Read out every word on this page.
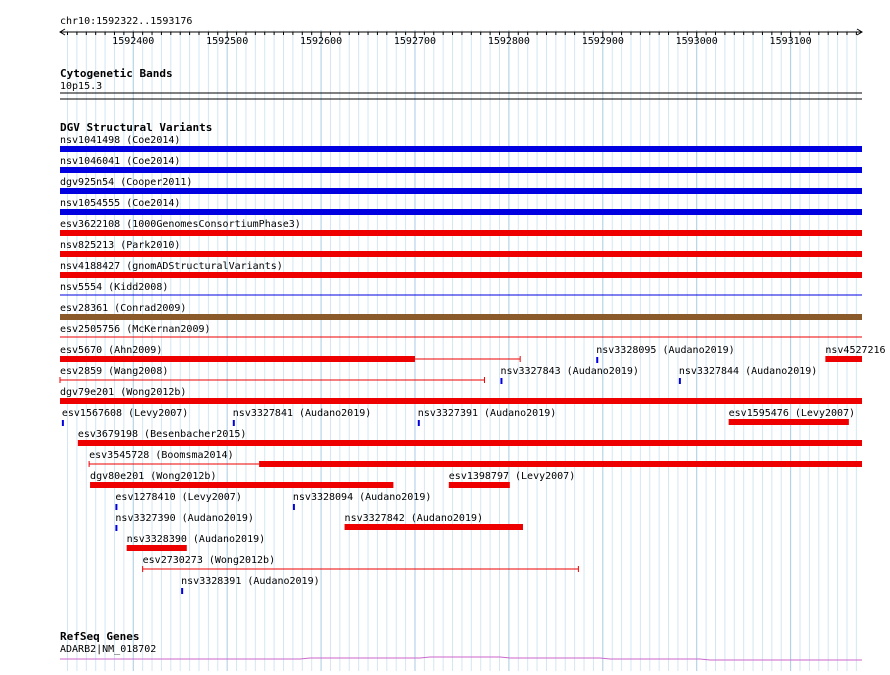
chr10:1592322..1593176
1592400	1592500	1592600	1592700	1592800	1592900	1593000	1593100
Cytogenetic Bands
10p15.3
DGV Structural Variants
nsv1041498 (Coe2014)
nsv1046041 (Coe2014)
dgv925n54 (Cooper2011)
nsv1054555 (Coe2014)
esv3622108 (1000GenomesConsortiumPhase3)
nsv825213 (Park2010)
nsv4188427 (gnomADStructuralVariants)
nsv5554 (Kidd2008)
esv28361 (Conrad2009)
esv2505756 (McKernan2009)
esv5670 (Ahn2009)	nsv3328095 (Audano2019)	nsv4527216
esv2859 (Wang2008)	nsv3327843 (Audano2019)	nsv3327844 (Audano2019)
dgv79e201 (Wong2012b)
esv1567608 (Levy2007)	nsv3327841 (Audano2019)	nsv3327391 (Audano2019)	esv1595476 (Levy2007)
esv3679198 (Besenbacher2015)
esv3545728 (Boomsma2014)
dgv80e201 (Wong2012b)	esv1398797 (Levy2007)
esv1278410 (Levy2007)	nsv3328094 (Audano2019)
nsv3327390 (Audano2019)	nsv3327842 (Audano2019)
nsv3328390 (Audano2019)
esv2730273 (Wong2012b)
nsv3328391 (Audano2019)
RefSeq Genes
ADARB2|NM_018702
